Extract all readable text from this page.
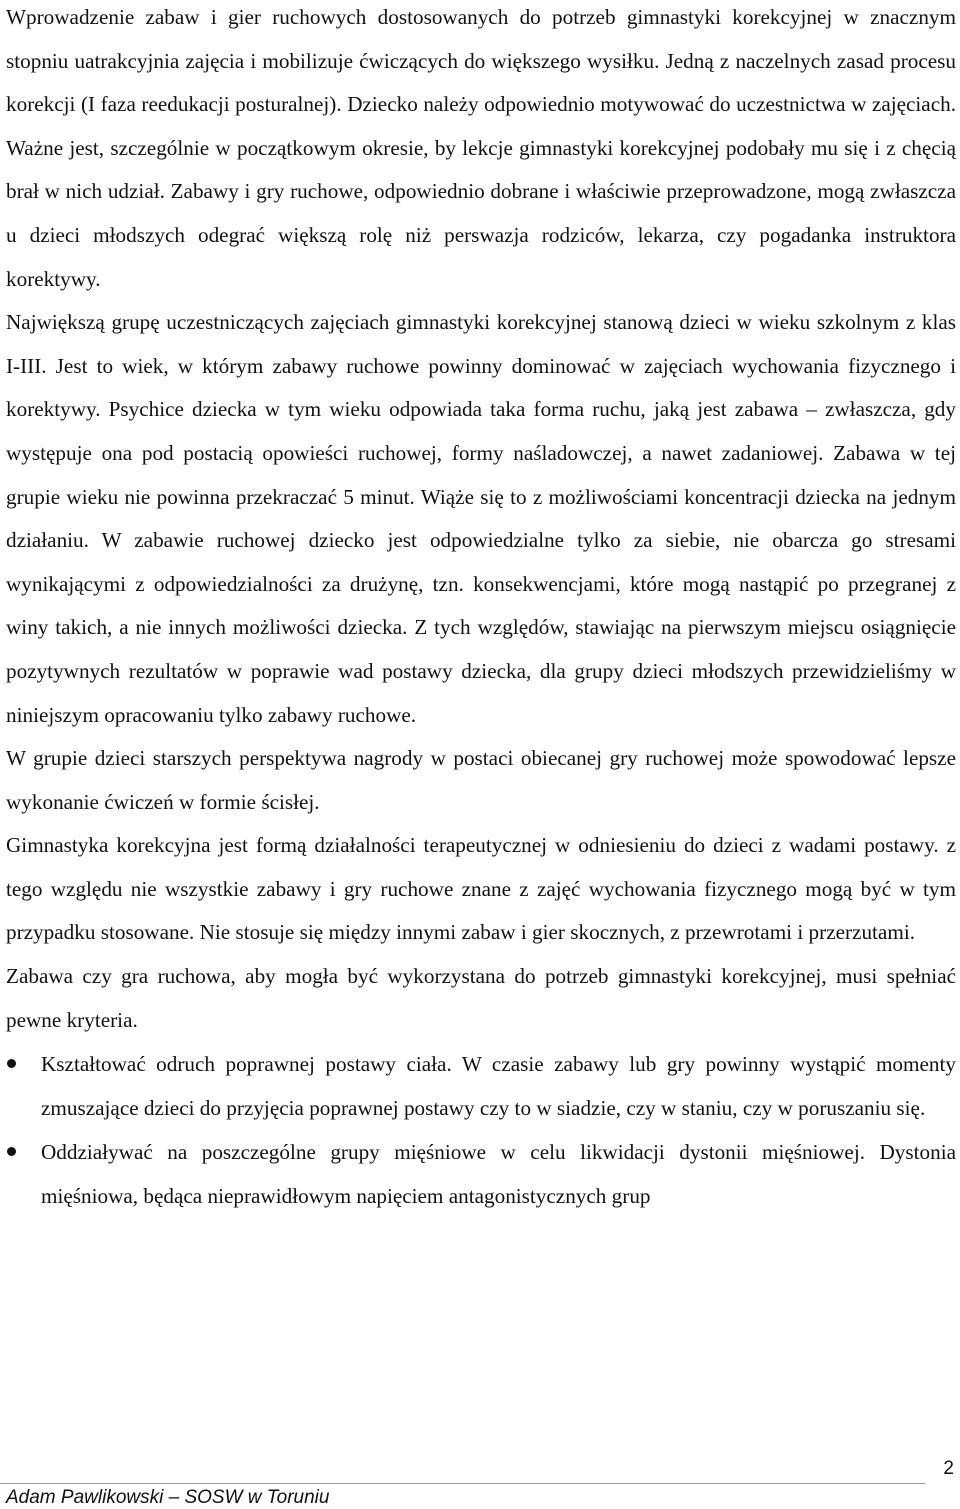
Wprowadzenie zabaw i gier ruchowych dostosowanych do potrzeb gimnastyki korekcyjnej w znacznym stopniu uatrakcyjnia zajęcia i mobilizuje ćwiczących do większego wysiłku. Jedną z naczelnych zasad procesu korekcji (I faza reedukacji posturalnej). Dziecko należy odpowiednio motywować do uczestnictwa w zajęciach. Ważne jest, szczególnie w początkowym okresie, by lekcje gimnastyki korekcyjnej podobały mu się i z chęcią brał w nich udział. Zabawy i gry ruchowe, odpowiednio dobrane i właściwie przeprowadzone, mogą zwłaszcza u dzieci młodszych odegrać większą rolę niż perswazja rodziców, lekarza, czy pogadanka instruktora korektywy.

Największą grupę uczestniczących zajęciach gimnastyki korekcyjnej stanową dzieci w wieku szkolnym z klas I-III. Jest to wiek, w którym zabawy ruchowe powinny dominować w zajęciach wychowania fizycznego i korektywy. Psychice dziecka w tym wieku odpowiada taka forma ruchu, jaką jest zabawa – zwłaszcza, gdy występuje ona pod postacią opowieści ruchowej, formy naśladowczej, a nawet zadaniowej. Zabawa w tej grupie wieku nie powinna przekraczać 5 minut. Wiąże się to z możliwościami koncentracji dziecka na jednym działaniu. W zabawie ruchowej dziecko jest odpowiedzialne tylko za siebie, nie obarcza go stresami wynikającymi z odpowiedzialności za drużynę, tzn. konsekwencjami, które mogą nastąpić po przegranej z winy takich, a nie innych możliwości dziecka. Z tych względów, stawiając na pierwszym miejscu osiągnięcie pozytywnych rezultatów w poprawie wad postawy dziecka, dla grupy dzieci młodszych przewidzieliśmy w niniejszym opracowaniu tylko zabawy ruchowe.

W grupie dzieci starszych perspektywa nagrody w postaci obiecanej gry ruchowej może spowodować lepsze wykonanie ćwiczeń w formie ścisłej.

Gimnastyka korekcyjna jest formą działalności terapeutycznej w odniesieniu do dzieci z wadami postawy. z tego względu nie wszystkie zabawy i gry ruchowe znane z zajęć wychowania fizycznego mogą być w tym przypadku stosowane. Nie stosuje się między innymi zabaw i gier skocznych, z przewrotami i przerzutami.

Zabawa czy gra ruchowa, aby mogła być wykorzystana do potrzeb gimnastyki korekcyjnej, musi spełniać pewne kryteria.

Kształtować odruch poprawnej postawy ciała. W czasie zabawy lub gry powinny wystąpić momenty zmuszające dzieci do przyjęcia poprawnej postawy czy to w siadzie, czy w staniu, czy w poruszaniu się.
Oddziaływać na poszczególne grupy mięśniowe w celu likwidacji dystonii mięśniowej. Dystonia mięśniowa, będąca nieprawidłowym napięciem antagonistycznych grup
2
Adam Pawlikowski – SOSW w Toruniu
